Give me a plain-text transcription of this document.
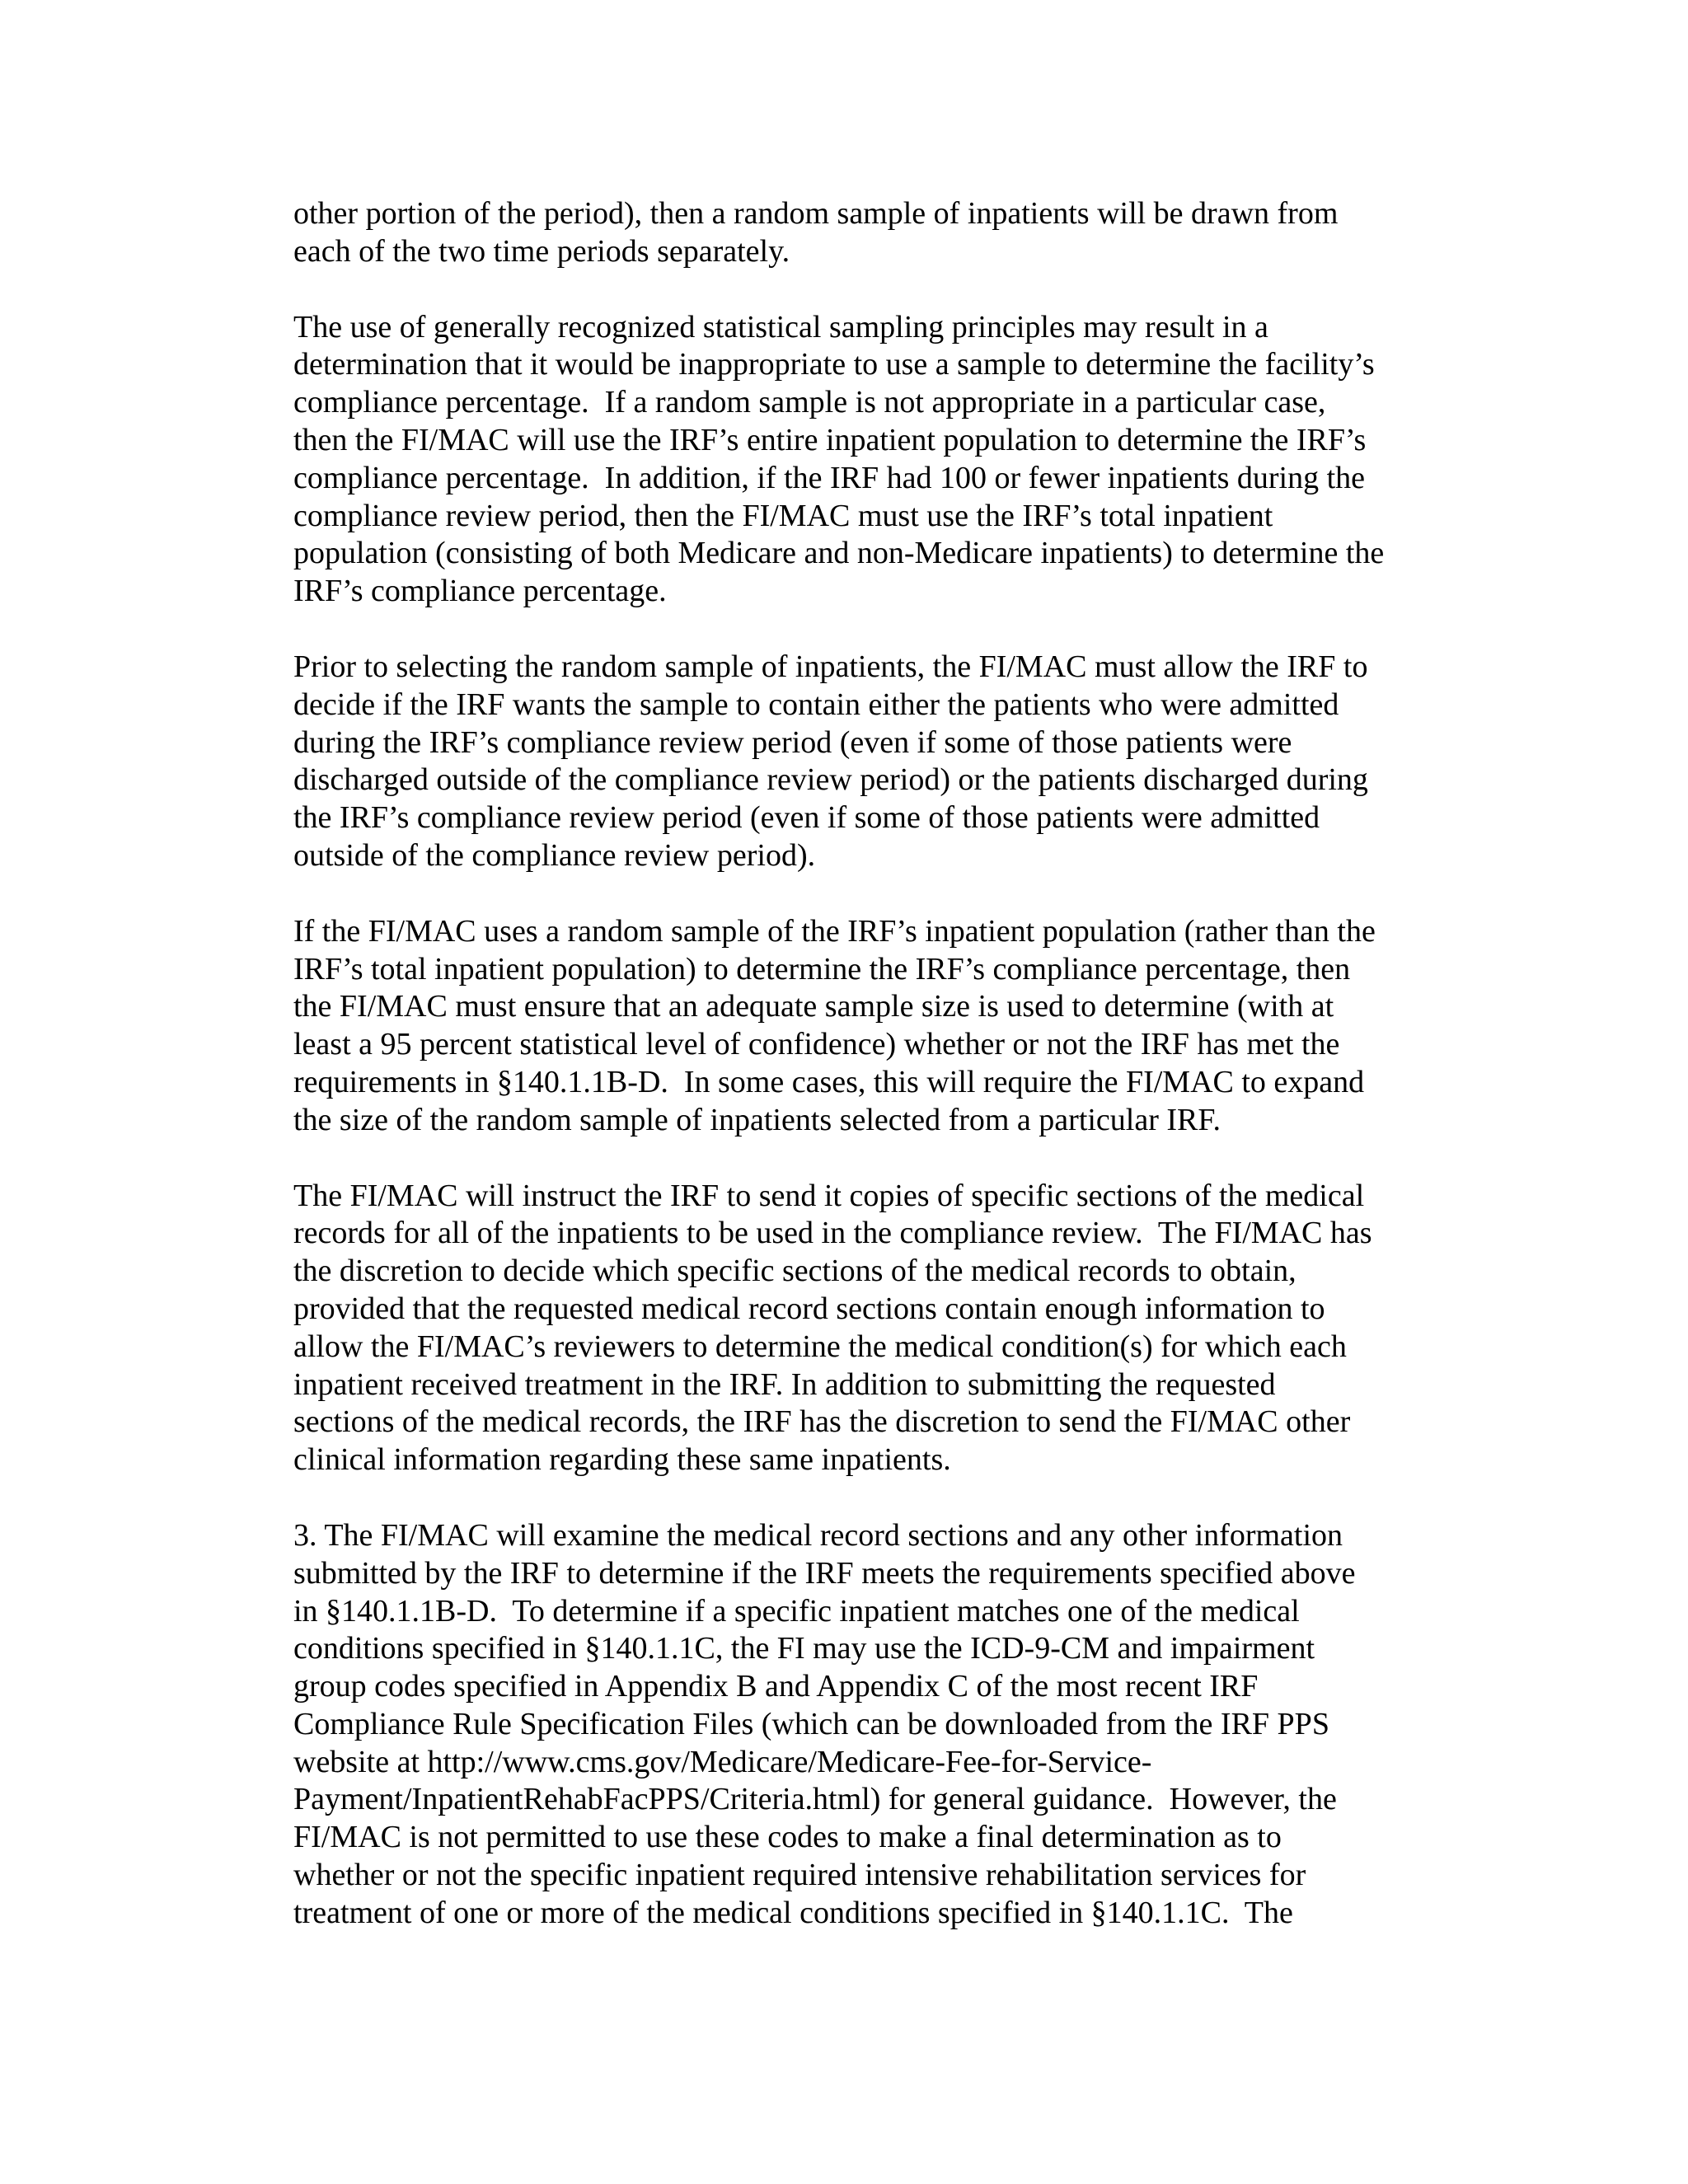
other portion of the period), then a random sample of inpatients will be drawn from
each of the two time periods separately.
The use of generally recognized statistical sampling principles may result in a
determination that it would be inappropriate to use a sample to determine the facility’s
compliance percentage.  If a random sample is not appropriate in a particular case,
then the FI/MAC will use the IRF’s entire inpatient population to determine the IRF’s
compliance percentage.  In addition, if the IRF had 100 or fewer inpatients during the
compliance review period, then the FI/MAC must use the IRF’s total inpatient
population (consisting of both Medicare and non-Medicare inpatients) to determine the
IRF’s compliance percentage.
Prior to selecting the random sample of inpatients, the FI/MAC must allow the IRF to
decide if the IRF wants the sample to contain either the patients who were admitted
during the IRF’s compliance review period (even if some of those patients were
discharged outside of the compliance review period) or the patients discharged during
the IRF’s compliance review period (even if some of those patients were admitted
outside of the compliance review period).
If the FI/MAC uses a random sample of the IRF’s inpatient population (rather than the
IRF’s total inpatient population) to determine the IRF’s compliance percentage, then
the FI/MAC must ensure that an adequate sample size is used to determine (with at
least a 95 percent statistical level of confidence) whether or not the IRF has met the
requirements in §140.1.1B-D.  In some cases, this will require the FI/MAC to expand
the size of the random sample of inpatients selected from a particular IRF.
The FI/MAC will instruct the IRF to send it copies of specific sections of the medical
records for all of the inpatients to be used in the compliance review.  The FI/MAC has
the discretion to decide which specific sections of the medical records to obtain,
provided that the requested medical record sections contain enough information to
allow the FI/MAC’s reviewers to determine the medical condition(s) for which each
inpatient received treatment in the IRF. In addition to submitting the requested
sections of the medical records, the IRF has the discretion to send the FI/MAC other
clinical information regarding these same inpatients.
3. The FI/MAC will examine the medical record sections and any other information
submitted by the IRF to determine if the IRF meets the requirements specified above
in §140.1.1B-D.  To determine if a specific inpatient matches one of the medical
conditions specified in §140.1.1C, the FI may use the ICD-9-CM and impairment
group codes specified in Appendix B and Appendix C of the most recent IRF
Compliance Rule Specification Files (which can be downloaded from the IRF PPS
website at http://www.cms.gov/Medicare/Medicare-Fee-for-Service-
Payment/InpatientRehabFacPPS/Criteria.html) for general guidance.  However, the
FI/MAC is not permitted to use these codes to make a final determination as to
whether or not the specific inpatient required intensive rehabilitation services for
treatment of one or more of the medical conditions specified in §140.1.1C.  The
